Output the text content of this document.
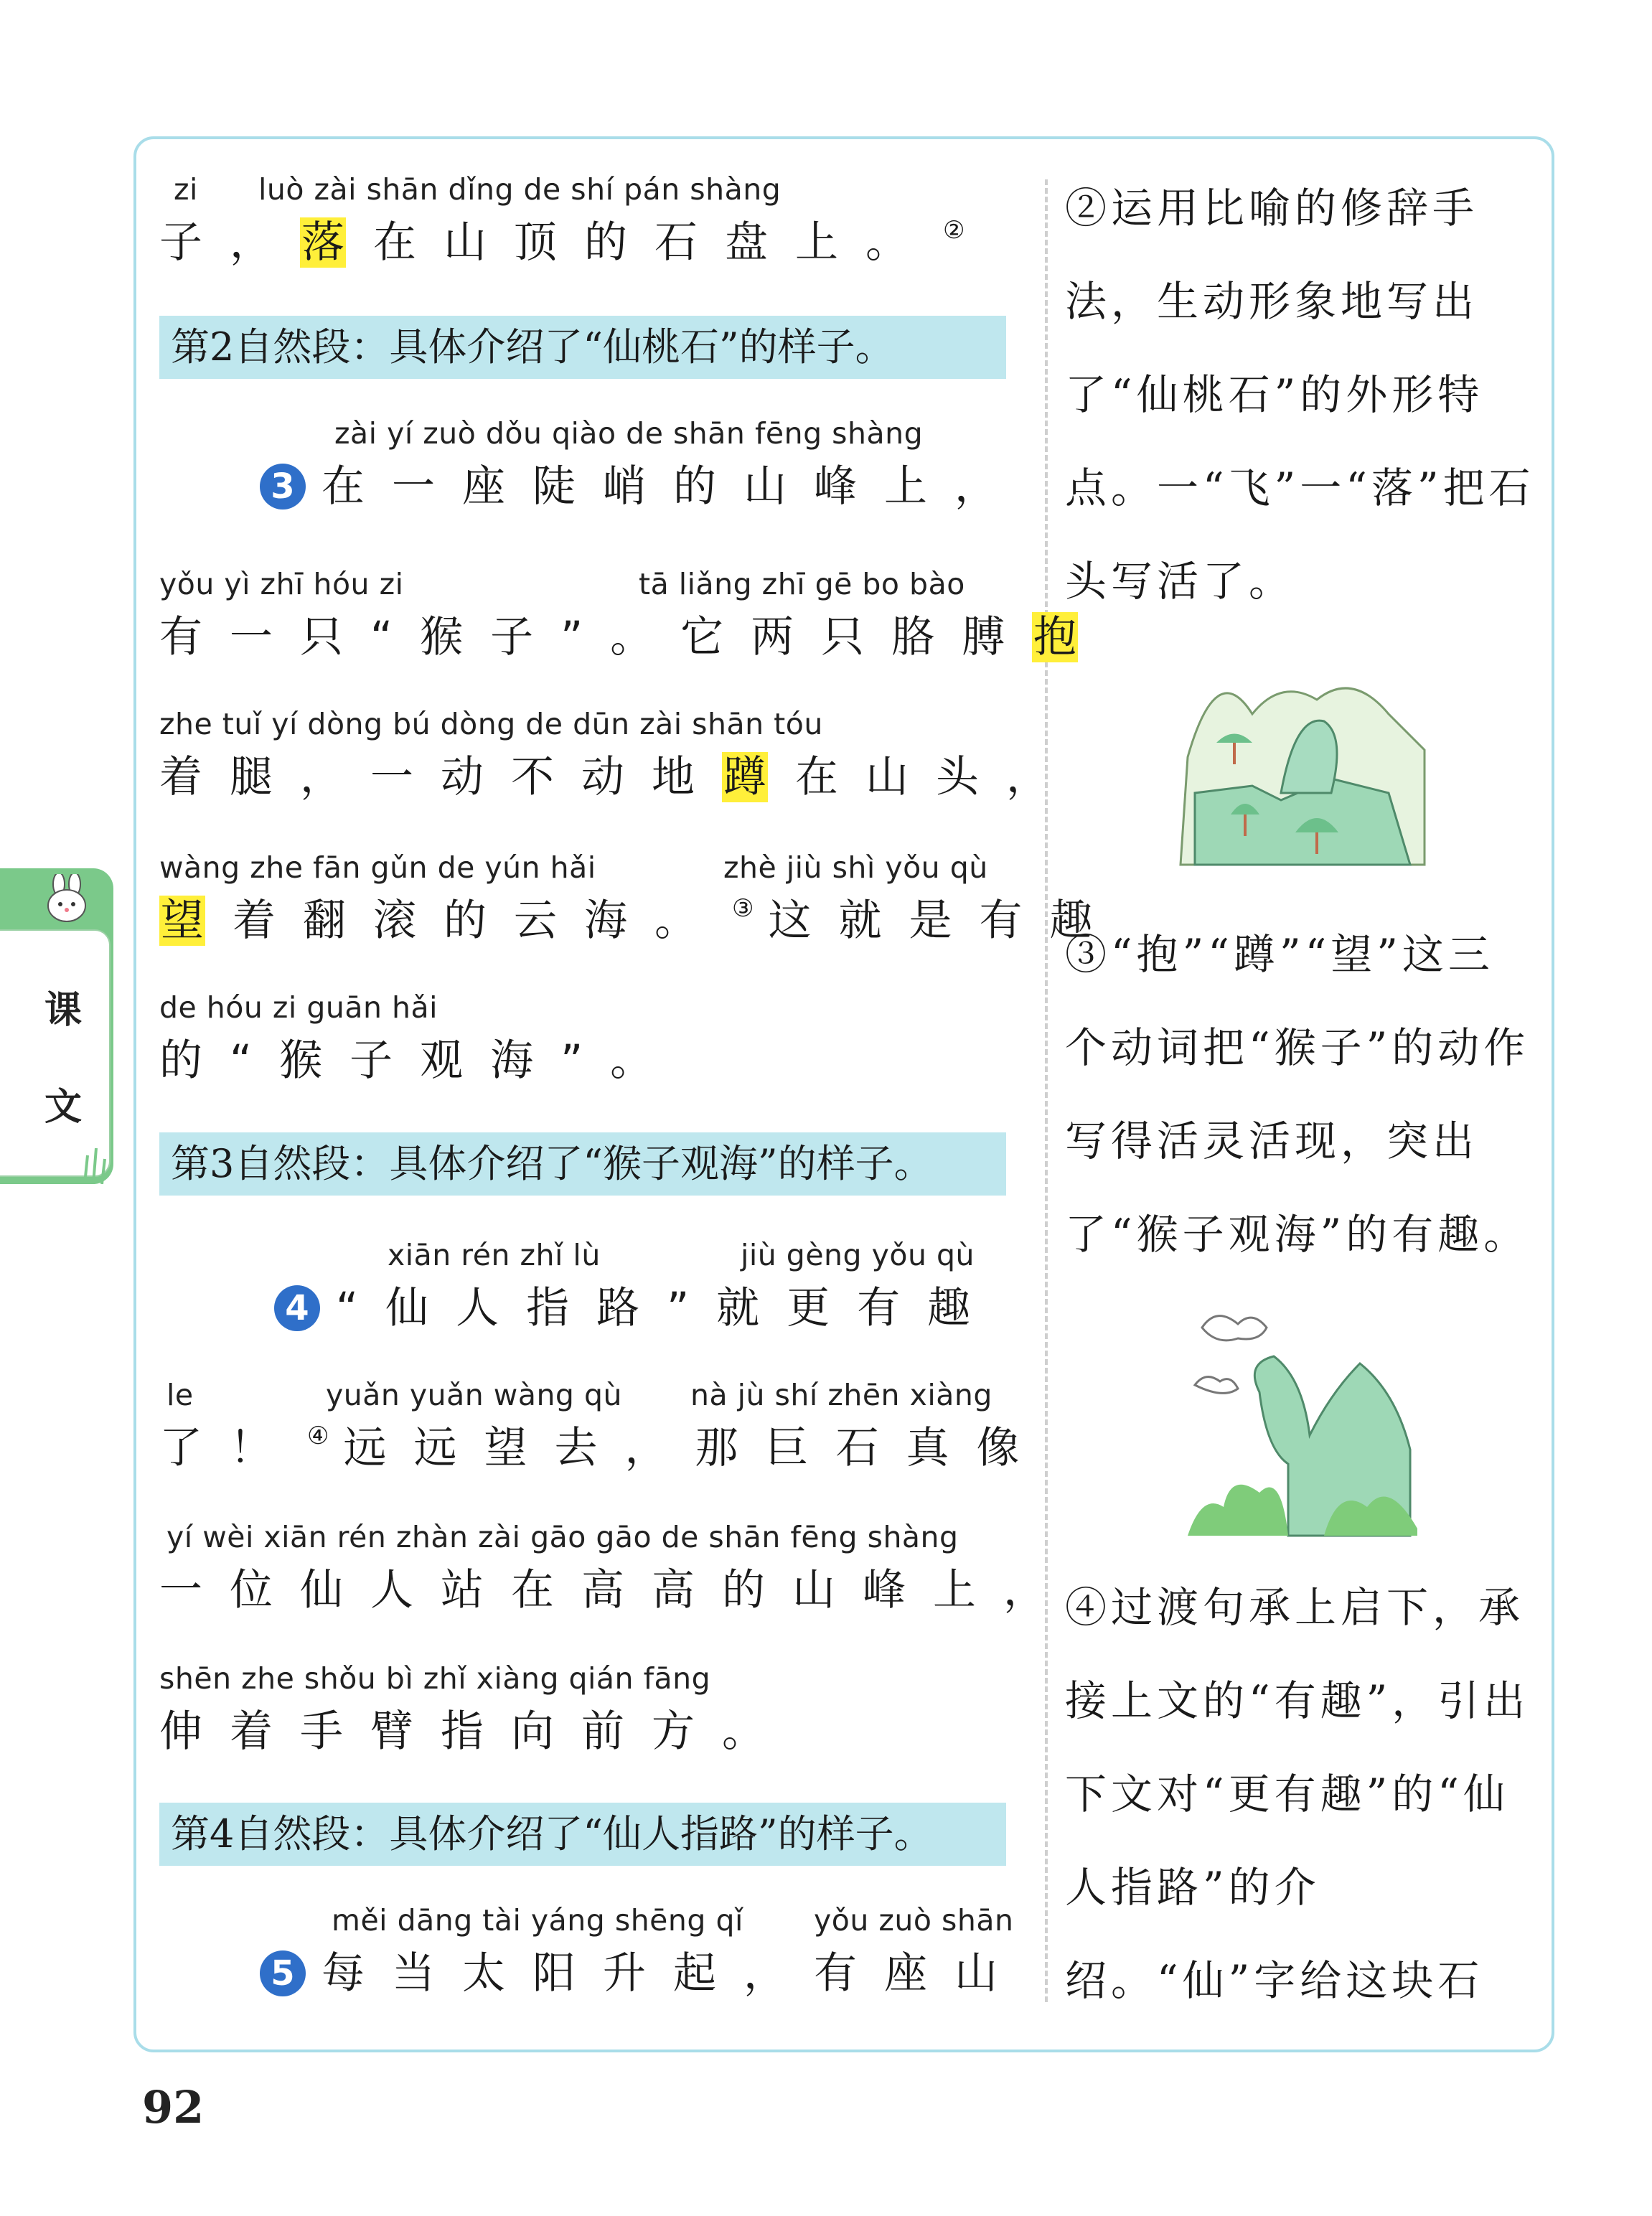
课
文
zi luò zài shān dǐng de shí pán shàng
子，落 在山顶的石盘上。 ②
zài yí zuò dǒu qiào de shān fēng shàng
3 在一座陡峭的山峰上，
yǒu yì zhī hóu zi	tā liǎng zhī gē bo bào
有一只“猴子”。它两只胳膊抱
zhe tuǐ yí dòng bú dòng de dūn zài shān tóu
着腿，一动不动地蹲 在山头，
wàng zhe fān gǔn de yún hǎi	zhè jiù shì yǒu qù
望 着翻滚的云海。 ③ 这就是有趣
de hóu zi guān hǎi
的“猴子观海”。
xiān rén zhǐ lù	jiù gèng yǒu qù
4 “仙人指路”就更有趣
le	yuǎn yuǎn wàng qù nà jù shí zhēn xiàng
了！ ④ 远远望去，那巨石真像
yí wèi xiān rén zhàn zài gāo gāo de shān fēng shàng
一位仙人站在高高的山峰上，
shēn zhe shǒu bì zhǐ xiàng qián fāng
伸着手臂指向前方。
měi dāng tài yáng shēng qǐ yǒu zuò shān
5 每当太阳升起，有座山
第2自然段：具体介绍了“仙桃石”的样子。
第3自然段：具体介绍了“猴子观海”的样子。
第4自然段：具体介绍了“仙人指路”的样子。
②运用比喻的修辞手法，生动形象地写出了“仙桃石”的外形特点。一“飞”一“落”把石头写活了。
③“抱”“蹲”“望”这三个动词把“猴子”的动作写得活灵活现，突出了“猴子观海”的有趣。
④过渡句承上启下，承接上文的“有趣”，引出下文对“更有趣”的“仙人指路”的介绍。“仙”字给这块石
92
